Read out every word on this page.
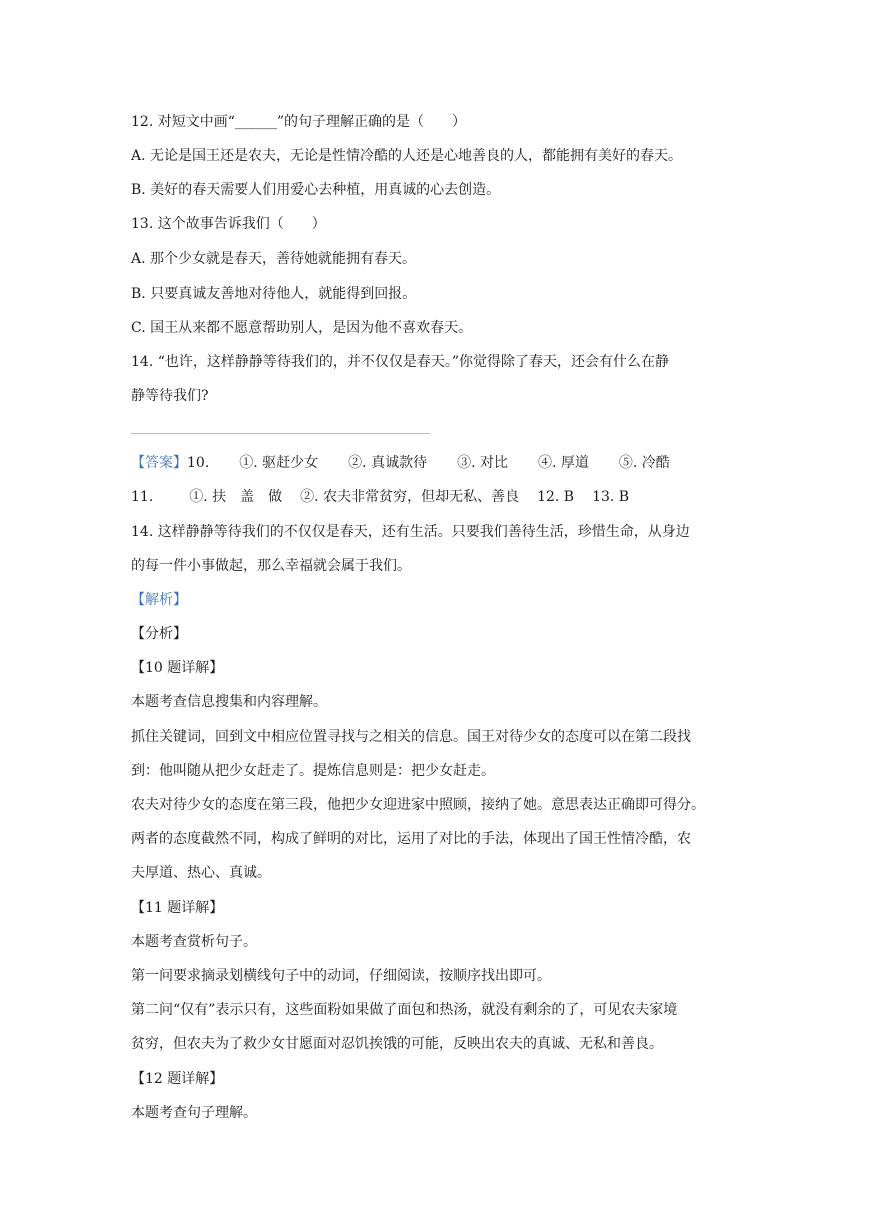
12. 对短文中画“______”的句子理解正确的是（　　）
A. 无论是国王还是农夫，无论是性情冷酷的人还是心地善良的人，都能拥有美好的春天。
B. 美好的春天需要人们用爱心去种植，用真诚的心去创造。
13. 这个故事告诉我们（　　）
A. 那个少女就是春天，善待她就能拥有春天。
B. 只要真诚友善地对待他人，就能得到回报。
C. 国王从来都不愿意帮助别人，是因为他不喜欢春天。
14. “也许，这样静静等待我们的，并不仅仅是春天。”你觉得除了春天，还会有什么在静
静等待我们?
【答案】10. ①. 驱赶少女 ②. 真诚款待 ③. 对比 ④. 厚道 ⑤. 冷酷
11.	①. 扶　盖　做 ②. 农夫非常贫穷，但却无私、善良 12. B 13. B
14. 这样静静等待我们的不仅仅是春天，还有生活。只要我们善待生活，珍惜生命，从身边
的每一件小事做起，那么幸福就会属于我们。
【解析】
【分析】
【10 题详解】
本题考查信息搜集和内容理解。
抓住关键词，回到文中相应位置寻找与之相关的信息。国王对待少女的态度可以在第二段找
到：他叫随从把少女赶走了。提炼信息则是：把少女赶走。
农夫对待少女的态度在第三段，他把少女迎进家中照顾，接纳了她。意思表达正确即可得分。
两者的态度截然不同，构成了鲜明的对比，运用了对比的手法，体现出了国王性情冷酷，农
夫厚道、热心、真诚。
【11 题详解】
本题考查赏析句子。
第一问要求摘录划横线句子中的动词，仔细阅读，按顺序找出即可。
第二问“仅有”表示只有，这些面粉如果做了面包和热汤，就没有剩余的了，可见农夫家境
贫穷，但农夫为了救少女甘愿面对忍饥挨饿的可能，反映出农夫的真诚、无私和善良。
【12 题详解】
本题考查句子理解。
